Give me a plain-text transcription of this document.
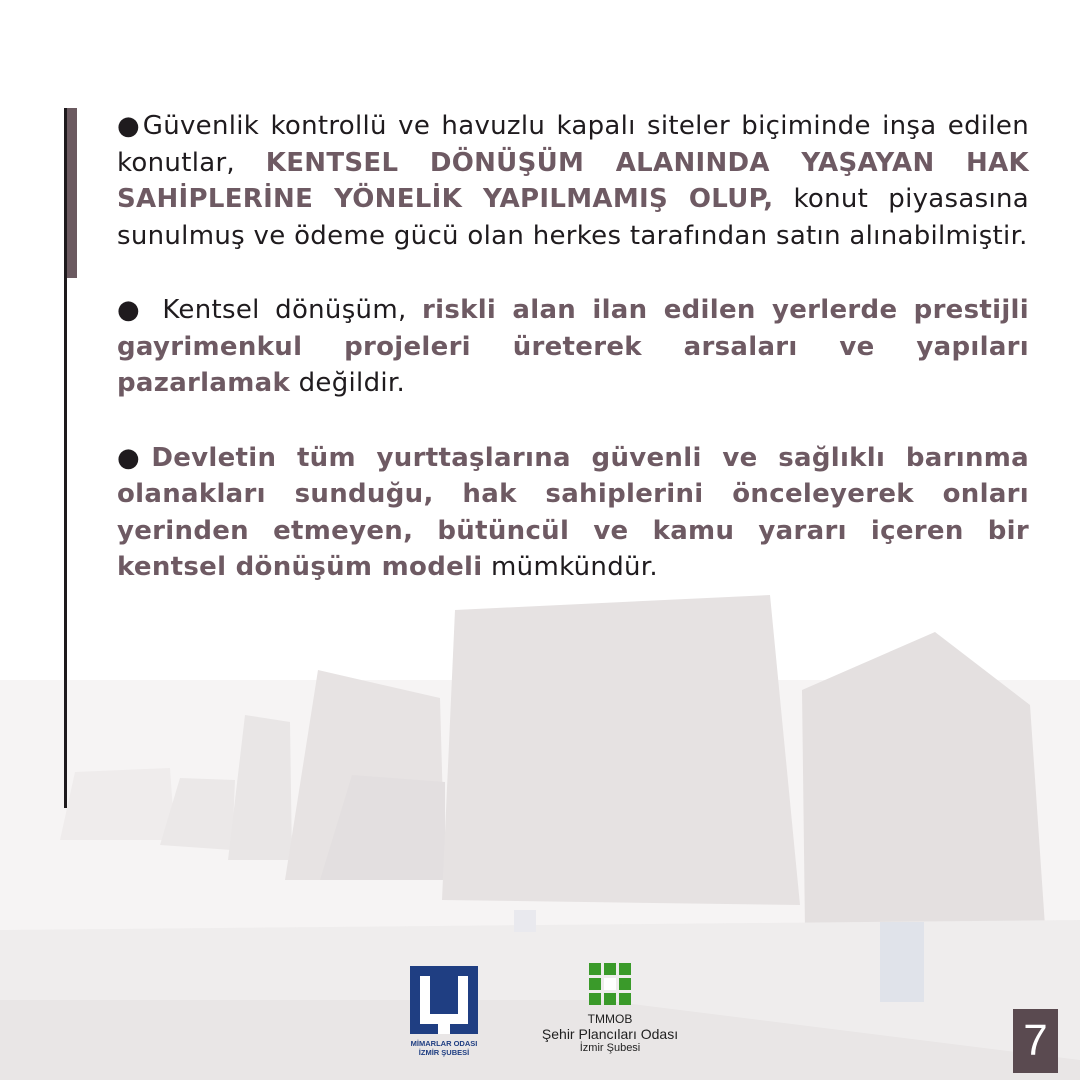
●Güvenlik kontrollü ve havuzlu kapalı siteler biçiminde inşa edilen konutlar, KENTSEL DÖNÜŞÜM ALANINDA YAŞAYAN HAK SAHİPLERİNE YÖNELİK YAPILMAMIŞ OLUP, konut piyasasına sunulmuş ve ödeme gücü olan herkes tarafından satın alınabilmiştir.

● Kentsel dönüşüm, riskli alan ilan edilen yerlerde prestijli gayrimenkul projeleri üreterek arsaları ve yapıları pazarlamak değildir.

●Devletin tüm yurttaşlarına güvenli ve sağlıklı barınma olanakları sunduğu, hak sahiplerini önceleyerek onları yerinden etmeyen, bütüncül ve kamu yararı içeren bir kentsel dönüşüm modeli mümkündür.

MİMARLAR ODASI
İZMİR ŞUBESİ
TMMOB
Şehir Plancıları Odası
İzmir Şubesi	7
